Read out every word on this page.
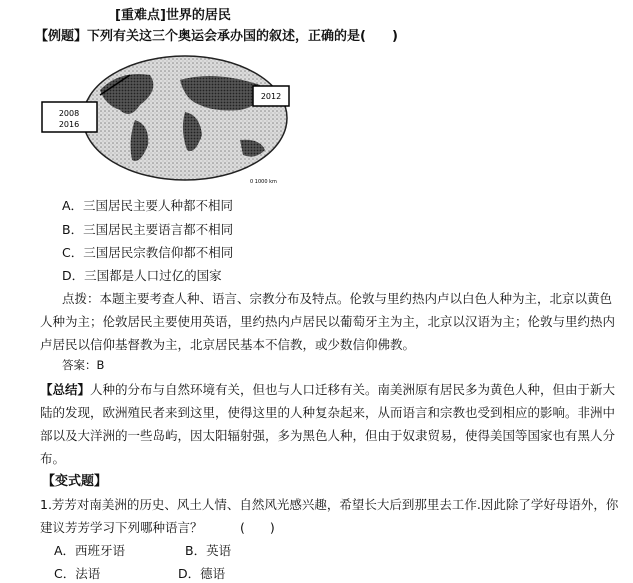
[重难点]世界的居民
【例题】下列有关这三个奥运会承办国的叙述，正确的是(　　)
2008
2016
2012
0 1000 km
A．三国居民主要人种都不相同
B．三国居民主要语言都不相同
C．三国居民宗教信仰都不相同
D．三国都是人口过亿的国家
点拨：本题主要考查人种、语言、宗教分布及特点。伦敦与里约热内卢以白色人种为主，北京以黄色
人种为主；伦敦居民主要使用英语，里约热内卢居民以葡萄牙主为主，北京以汉语为主；伦敦与里约热内
卢居民以信仰基督教为主，北京居民基本不信教，或少数信仰佛教。
答案：B
【总结】人种的分布与自然环境有关，但也与人口迁移有关。南美洲原有居民多为黄色人种，但由于新大陆的发现，欧洲殖民者来到这里，使得这里的人种复杂起来，从而语言和宗教也受到相应的影响。非洲中部以及大洋洲的一些岛屿，因太阳辐射强，多为黑色人种，但由于奴隶贸易，使得美国等国家也有黑人分布。
【变式题】
1.芳芳对南美洲的历史、风土人情、自然风光感兴趣，希望长大后到那里去工作.因此除了学好母语外，你建议芳芳学习下列哪种语言？　　　(　　)
A．西班牙语	B．英语
C．法语	D．德语
